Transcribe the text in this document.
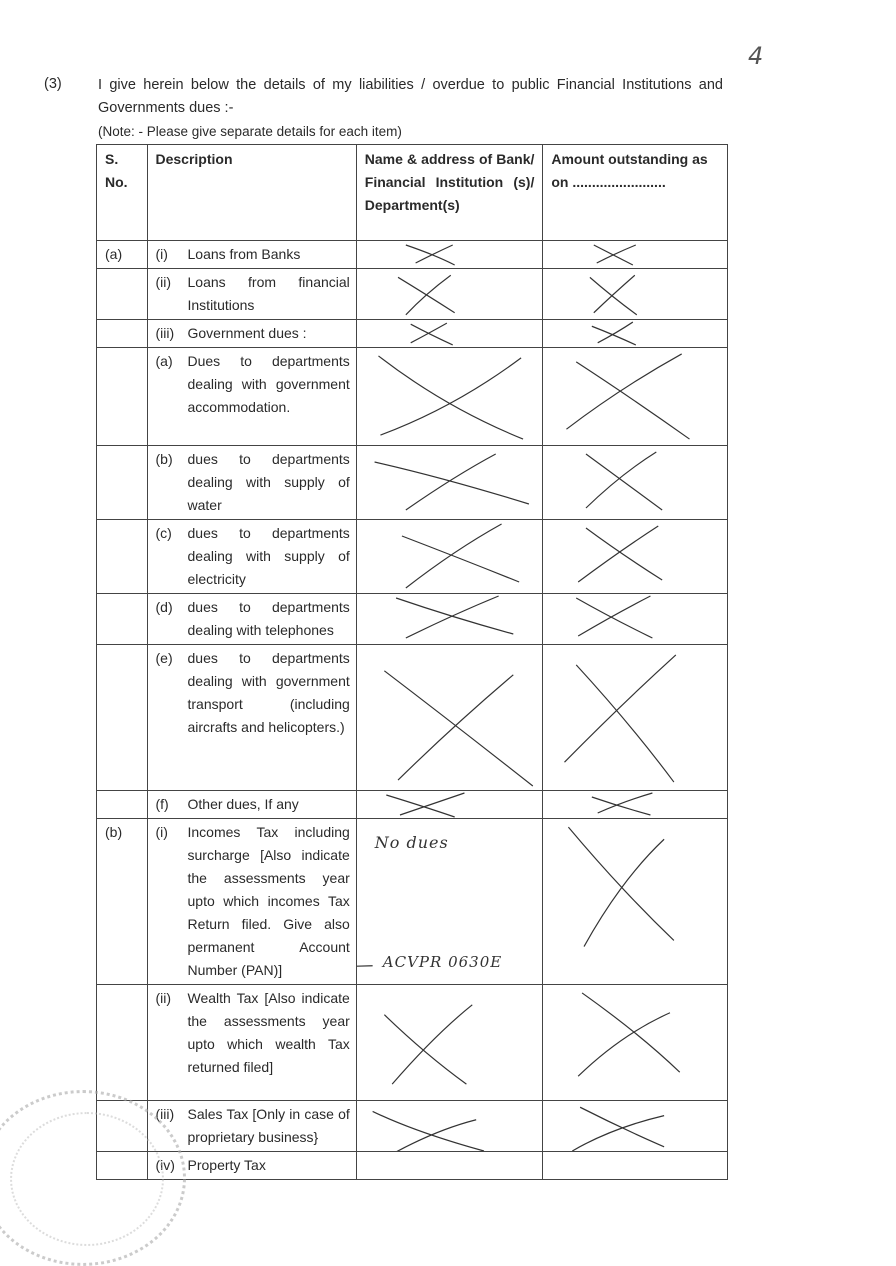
4
(3)	I give herein below the details of my liabilities / overdue to public Financial Institutions and Governments dues :-
(Note: - Please give separate details for each item)
S. No.	Description	Name & address of Bank/ Financial Institution (s)/ Department(s)	Amount outstanding as on ........................
(a)	(i) Loans from Banks

	(ii) Loans from financial Institutions

	(iii) Government dues :

	(a) Dues to departments dealing with government accommodation.

	(b) dues to departments dealing with supply of water

	(c) dues to departments dealing with supply of electricity

	(d) dues to departments dealing with telephones

	(e) dues to departments dealing with government transport (including aircrafts and helicopters.)

	(f) Other dues, If any

(b)	(i) Incomes Tax including surcharge [Also indicate the assessments year upto which incomes Tax Return filed. Give also permanent Account Number (PAN)]	No dues
ACVPR 0630E

	(ii) Wealth Tax [Also indicate the assessments year upto which wealth Tax returned filed]

	(iii) Sales Tax [Only in case of proprietary business}

	(iv) Property Tax		
